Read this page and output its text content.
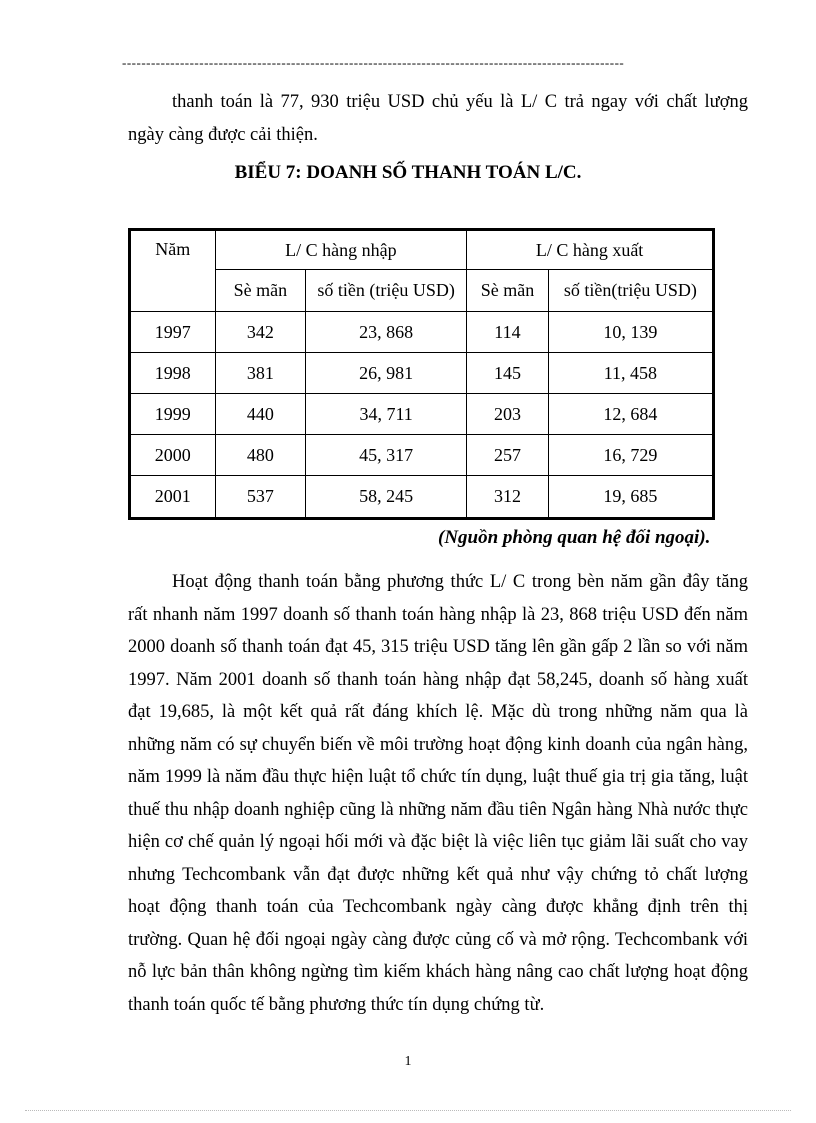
--------------------------------------------------------------------------------------------------------

thanh toán là 77, 930 triệu USD chủ yếu là L/ C trả ngay với chất lượng
ngày càng được cải thiện.

BIỂU 7: DOANH SỐ THANH TOÁN L/C.
Năm	L/ C hàng nhập		L/ C hàng xuất	
	Sè mãn	số tiền (triệu USD)	Sè mãn	số tiền(triệu USD)
1997	342	23, 868	114	10, 139
1998	381	26, 981	145	11, 458
1999	440	34, 711	203	12, 684
2000	480	45, 317	257	16, 729
2001	537	58, 245	312	19, 685
(Nguồn phòng quan hệ đối ngoại).

Hoạt động thanh toán bằng phương thức L/ C trong bèn năm gần đây tăng
rất nhanh năm 1997 doanh số thanh toán hàng nhập là 23, 868 triệu USD đến năm
2000 doanh số thanh toán đạt 45, 315 triệu USD tăng lên gần gấp 2 lần so với năm
1997. Năm 2001 doanh số thanh toán hàng nhập đạt 58,245, doanh số hàng xuất
đạt 19,685, là một kết quả rất đáng khích lệ. Mặc dù trong những năm qua là
những năm có sự chuyển biến về môi trường hoạt động kinh doanh của ngân hàng,
năm 1999 là năm đầu thực hiện luật tổ chức tín dụng, luật thuế gia trị gia tăng, luật
thuế thu nhập doanh nghiệp cũng là những năm đầu tiên Ngân hàng Nhà nước thực
hiện cơ chế quản lý ngoại hối mới và đặc biệt là việc liên tục giảm lãi suất cho vay
nhưng Techcombank vẫn đạt được những kết quả như vậy chứng tỏ chất lượng
hoạt động thanh toán của Techcombank ngày càng được khẳng định trên thị
trường. Quan hệ đối ngoại ngày càng được củng cố và mở rộng. Techcombank với
nỗ lực bản thân không ngừng tìm kiếm khách hàng nâng cao chất lượng hoạt động
thanh toán quốc tế bằng phương thức tín dụng chứng từ.

1
